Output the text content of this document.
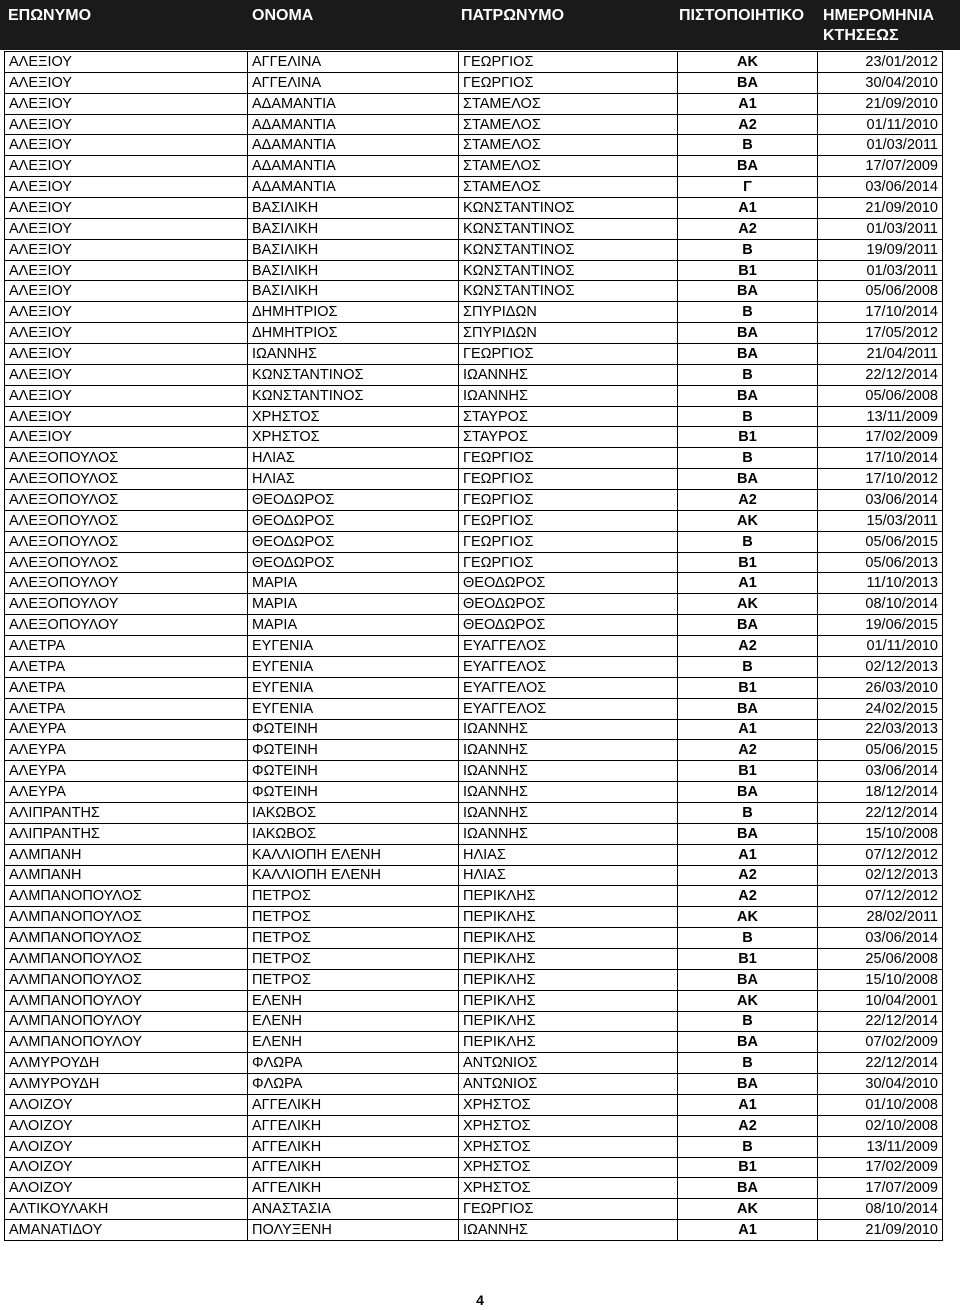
ΕΠΩΝΥΜΟ	ΟΝΟΜΑ	ΠΑΤΡΩΝΥΜΟ	ΠΙΣΤΟΠΟΙΗΤΙΚΟ ΗΜΕΡΟΜΗΝΙΑ
ΚΤΗΣΕΩΣ
ΑΛΕΞΙΟΥ	ΑΓΓΕΛΙΝΑ	ΓΕΩΡΓΙΟΣ	ΑΚ	23/01/2012
ΑΛΕΞΙΟΥ	ΑΓΓΕΛΙΝΑ	ΓΕΩΡΓΙΟΣ	ΒΑ	30/04/2010
ΑΛΕΞΙΟΥ	ΑΔΑΜΑΝΤΙΑ	ΣΤΑΜΕΛΟΣ	Α1	21/09/2010
ΑΛΕΞΙΟΥ	ΑΔΑΜΑΝΤΙΑ	ΣΤΑΜΕΛΟΣ	Α2	01/11/2010
ΑΛΕΞΙΟΥ	ΑΔΑΜΑΝΤΙΑ	ΣΤΑΜΕΛΟΣ	Β	01/03/2011
ΑΛΕΞΙΟΥ	ΑΔΑΜΑΝΤΙΑ	ΣΤΑΜΕΛΟΣ	ΒΑ	17/07/2009
ΑΛΕΞΙΟΥ	ΑΔΑΜΑΝΤΙΑ	ΣΤΑΜΕΛΟΣ	Γ	03/06/2014
ΑΛΕΞΙΟΥ	ΒΑΣΙΛΙΚΗ	ΚΩΝΣΤΑΝΤΙΝΟΣ	Α1	21/09/2010
ΑΛΕΞΙΟΥ	ΒΑΣΙΛΙΚΗ	ΚΩΝΣΤΑΝΤΙΝΟΣ	Α2	01/03/2011
ΑΛΕΞΙΟΥ	ΒΑΣΙΛΙΚΗ	ΚΩΝΣΤΑΝΤΙΝΟΣ	Β	19/09/2011
ΑΛΕΞΙΟΥ	ΒΑΣΙΛΙΚΗ	ΚΩΝΣΤΑΝΤΙΝΟΣ	Β1	01/03/2011
ΑΛΕΞΙΟΥ	ΒΑΣΙΛΙΚΗ	ΚΩΝΣΤΑΝΤΙΝΟΣ	ΒΑ	05/06/2008
ΑΛΕΞΙΟΥ	ΔΗΜΗΤΡΙΟΣ	ΣΠΥΡΙΔΩΝ	Β	17/10/2014
ΑΛΕΞΙΟΥ	ΔΗΜΗΤΡΙΟΣ	ΣΠΥΡΙΔΩΝ	ΒΑ	17/05/2012
ΑΛΕΞΙΟΥ	ΙΩΑΝΝΗΣ	ΓΕΩΡΓΙΟΣ	ΒΑ	21/04/2011
ΑΛΕΞΙΟΥ	ΚΩΝΣΤΑΝΤΙΝΟΣ	ΙΩΑΝΝΗΣ	Β	22/12/2014
ΑΛΕΞΙΟΥ	ΚΩΝΣΤΑΝΤΙΝΟΣ	ΙΩΑΝΝΗΣ	ΒΑ	05/06/2008
ΑΛΕΞΙΟΥ	ΧΡΗΣΤΟΣ	ΣΤΑΥΡΟΣ	Β	13/11/2009
ΑΛΕΞΙΟΥ	ΧΡΗΣΤΟΣ	ΣΤΑΥΡΟΣ	Β1	17/02/2009
ΑΛΕΞΟΠΟΥΛΟΣ	ΗΛΙΑΣ	ΓΕΩΡΓΙΟΣ	Β	17/10/2014
ΑΛΕΞΟΠΟΥΛΟΣ	ΗΛΙΑΣ	ΓΕΩΡΓΙΟΣ	ΒΑ	17/10/2012
ΑΛΕΞΟΠΟΥΛΟΣ	ΘΕΟΔΩΡΟΣ	ΓΕΩΡΓΙΟΣ	Α2	03/06/2014
ΑΛΕΞΟΠΟΥΛΟΣ	ΘΕΟΔΩΡΟΣ	ΓΕΩΡΓΙΟΣ	ΑΚ	15/03/2011
ΑΛΕΞΟΠΟΥΛΟΣ	ΘΕΟΔΩΡΟΣ	ΓΕΩΡΓΙΟΣ	Β	05/06/2015
ΑΛΕΞΟΠΟΥΛΟΣ	ΘΕΟΔΩΡΟΣ	ΓΕΩΡΓΙΟΣ	Β1	05/06/2013
ΑΛΕΞΟΠΟΥΛΟΥ	ΜΑΡΙΑ	ΘΕΟΔΩΡΟΣ	Α1	11/10/2013
ΑΛΕΞΟΠΟΥΛΟΥ	ΜΑΡΙΑ	ΘΕΟΔΩΡΟΣ	ΑΚ	08/10/2014
ΑΛΕΞΟΠΟΥΛΟΥ	ΜΑΡΙΑ	ΘΕΟΔΩΡΟΣ	ΒΑ	19/06/2015
ΑΛΕΤΡΑ	ΕΥΓΕΝΙΑ	ΕΥΑΓΓΕΛΟΣ	Α2	01/11/2010
ΑΛΕΤΡΑ	ΕΥΓΕΝΙΑ	ΕΥΑΓΓΕΛΟΣ	Β	02/12/2013
ΑΛΕΤΡΑ	ΕΥΓΕΝΙΑ	ΕΥΑΓΓΕΛΟΣ	Β1	26/03/2010
ΑΛΕΤΡΑ	ΕΥΓΕΝΙΑ	ΕΥΑΓΓΕΛΟΣ	ΒΑ	24/02/2015
ΑΛΕΥΡΑ	ΦΩΤΕΙΝΗ	ΙΩΑΝΝΗΣ	Α1	22/03/2013
ΑΛΕΥΡΑ	ΦΩΤΕΙΝΗ	ΙΩΑΝΝΗΣ	Α2	05/06/2015
ΑΛΕΥΡΑ	ΦΩΤΕΙΝΗ	ΙΩΑΝΝΗΣ	Β1	03/06/2014
ΑΛΕΥΡΑ	ΦΩΤΕΙΝΗ	ΙΩΑΝΝΗΣ	ΒΑ	18/12/2014
ΑΛΙΠΡΑΝΤΗΣ	ΙΑΚΩΒΟΣ	ΙΩΑΝΝΗΣ	Β	22/12/2014
ΑΛΙΠΡΑΝΤΗΣ	ΙΑΚΩΒΟΣ	ΙΩΑΝΝΗΣ	ΒΑ	15/10/2008
ΑΛΜΠΑΝΗ	ΚΑΛΛΙΟΠΗ ΕΛΕΝΗ	ΗΛΙΑΣ	Α1	07/12/2012
ΑΛΜΠΑΝΗ	ΚΑΛΛΙΟΠΗ ΕΛΕΝΗ	ΗΛΙΑΣ	Α2	02/12/2013
ΑΛΜΠΑΝΟΠΟΥΛΟΣ	ΠΕΤΡΟΣ	ΠΕΡΙΚΛΗΣ	Α2	07/12/2012
ΑΛΜΠΑΝΟΠΟΥΛΟΣ	ΠΕΤΡΟΣ	ΠΕΡΙΚΛΗΣ	ΑΚ	28/02/2011
ΑΛΜΠΑΝΟΠΟΥΛΟΣ	ΠΕΤΡΟΣ	ΠΕΡΙΚΛΗΣ	Β	03/06/2014
ΑΛΜΠΑΝΟΠΟΥΛΟΣ	ΠΕΤΡΟΣ	ΠΕΡΙΚΛΗΣ	Β1	25/06/2008
ΑΛΜΠΑΝΟΠΟΥΛΟΣ	ΠΕΤΡΟΣ	ΠΕΡΙΚΛΗΣ	ΒΑ	15/10/2008
ΑΛΜΠΑΝΟΠΟΥΛΟΥ	ΕΛΕΝΗ	ΠΕΡΙΚΛΗΣ	ΑΚ	10/04/2001
ΑΛΜΠΑΝΟΠΟΥΛΟΥ	ΕΛΕΝΗ	ΠΕΡΙΚΛΗΣ	Β	22/12/2014
ΑΛΜΠΑΝΟΠΟΥΛΟΥ	ΕΛΕΝΗ	ΠΕΡΙΚΛΗΣ	ΒΑ	07/02/2009
ΑΛΜΥΡΟΥΔΗ	ΦΛΩΡΑ	ΑΝΤΩΝΙΟΣ	Β	22/12/2014
ΑΛΜΥΡΟΥΔΗ	ΦΛΩΡΑ	ΑΝΤΩΝΙΟΣ	ΒΑ	30/04/2010
ΑΛΟΙΖΟΥ	ΑΓΓΕΛΙΚΗ	ΧΡΗΣΤΟΣ	Α1	01/10/2008
ΑΛΟΙΖΟΥ	ΑΓΓΕΛΙΚΗ	ΧΡΗΣΤΟΣ	Α2	02/10/2008
ΑΛΟΙΖΟΥ	ΑΓΓΕΛΙΚΗ	ΧΡΗΣΤΟΣ	Β	13/11/2009
ΑΛΟΙΖΟΥ	ΑΓΓΕΛΙΚΗ	ΧΡΗΣΤΟΣ	Β1	17/02/2009
ΑΛΟΙΖΟΥ	ΑΓΓΕΛΙΚΗ	ΧΡΗΣΤΟΣ	ΒΑ	17/07/2009
ΑΛΤΙΚΟΥΛΑΚΗ	ΑΝΑΣΤΑΣΙΑ	ΓΕΩΡΓΙΟΣ	ΑΚ	08/10/2014
ΑΜΑΝΑΤΙΔΟΥ	ΠΟΛΥΞΕΝΗ	ΙΩΑΝΝΗΣ	Α1	21/09/2010
4
